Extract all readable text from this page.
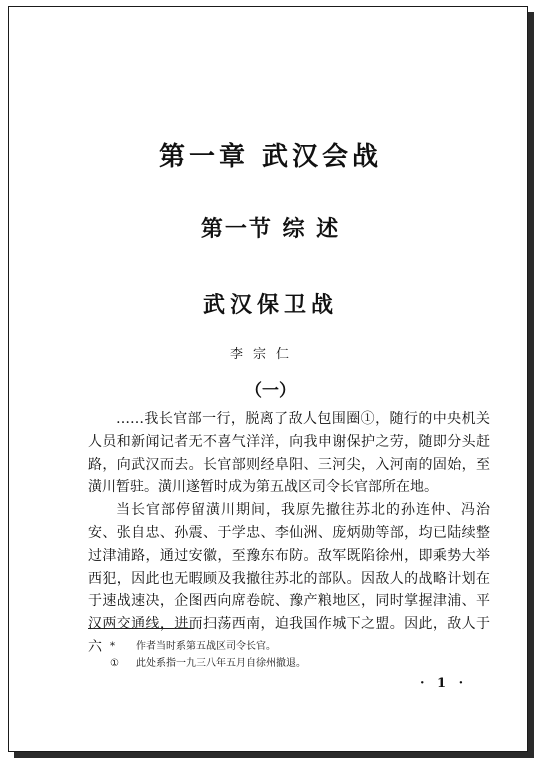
第一章 武汉会战
第一节 综 述
武汉保卫战
李宗仁
（一）

……我长官部一行，脱离了敌人包围圈①，随行的中央机关人员和新闻记者无不喜气洋洋，向我申谢保护之劳，随即分头赶路，向武汉而去。长官部则经阜阳、三河尖，入河南的固始，至潢川暂驻。潢川遂暂时成为第五战区司令长官部所在地。

当长官部停留潢川期间，我原先撤往苏北的孙连仲、冯治安、张自忠、孙震、于学忠、李仙洲、庞炳勋等部，均已陆续整过津浦路，通过安徽，至豫东布防。敌军既陷徐州，即乘势大举西犯，因此也无暇顾及我撤往苏北的部队。因敌人的战略计划在于速战速决，企图西向席卷皖、豫产粮地区，同时掌握津浦、平汉两交通线，进而扫荡西南，迫我国作城下之盟。因此，敌人于六 *	作者当时系第五战区司令长官。
①	此处系指一九三八年五月自徐州撤退。
· 1 ·
